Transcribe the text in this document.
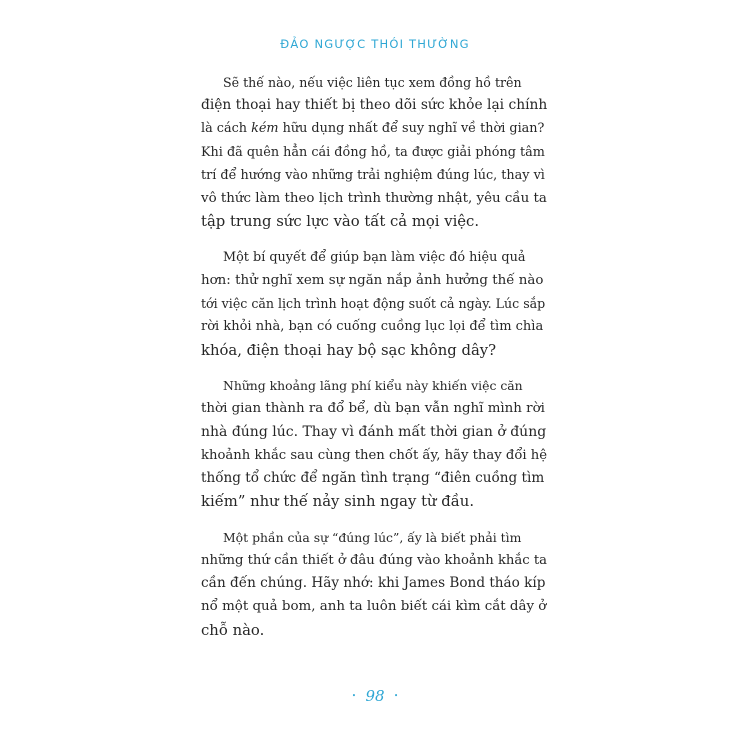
ĐẢO NGƯỢC THÓI THƯỜNG
Sẽ thế nào, nếu việc liên tục xem đồng hồ trên
điện thoại hay thiết bị theo dõi sức khỏe lại chính
là cách kém hữu dụng nhất để suy nghĩ về thời gian?
Khi đã quên hẳn cái đồng hồ, ta được giải phóng tâm
trí để hướng vào những trải nghiệm đúng lúc, thay vì
vô thức làm theo lịch trình thường nhật, yêu cầu ta
tập trung sức lực vào tất cả mọi việc.
Một bí quyết để giúp bạn làm việc đó hiệu quả
hơn: thử nghĩ xem sự ngăn nắp ảnh hưởng thế nào
tới việc căn lịch trình hoạt động suốt cả ngày. Lúc sắp
rời khỏi nhà, bạn có cuống cuồng lục lọi để tìm chìa
khóa, điện thoại hay bộ sạc không dây?
Những khoảng lãng phí kiểu này khiến việc căn
thời gian thành ra đổ bể, dù bạn vẫn nghĩ mình rời
nhà đúng lúc. Thay vì đánh mất thời gian ở đúng
khoảnh khắc sau cùng then chốt ấy, hãy thay đổi hệ
thống tổ chức để ngăn tình trạng “điên cuồng tìm
kiếm” như thế nảy sinh ngay từ đầu.
Một phần của sự “đúng lúc”, ấy là biết phải tìm
những thứ cần thiết ở đâu đúng vào khoảnh khắc ta
cần đến chúng. Hãy nhớ: khi James Bond tháo kíp
nổ một quả bom, anh ta luôn biết cái kìm cắt dây ở
chỗ nào.
• 98 •
